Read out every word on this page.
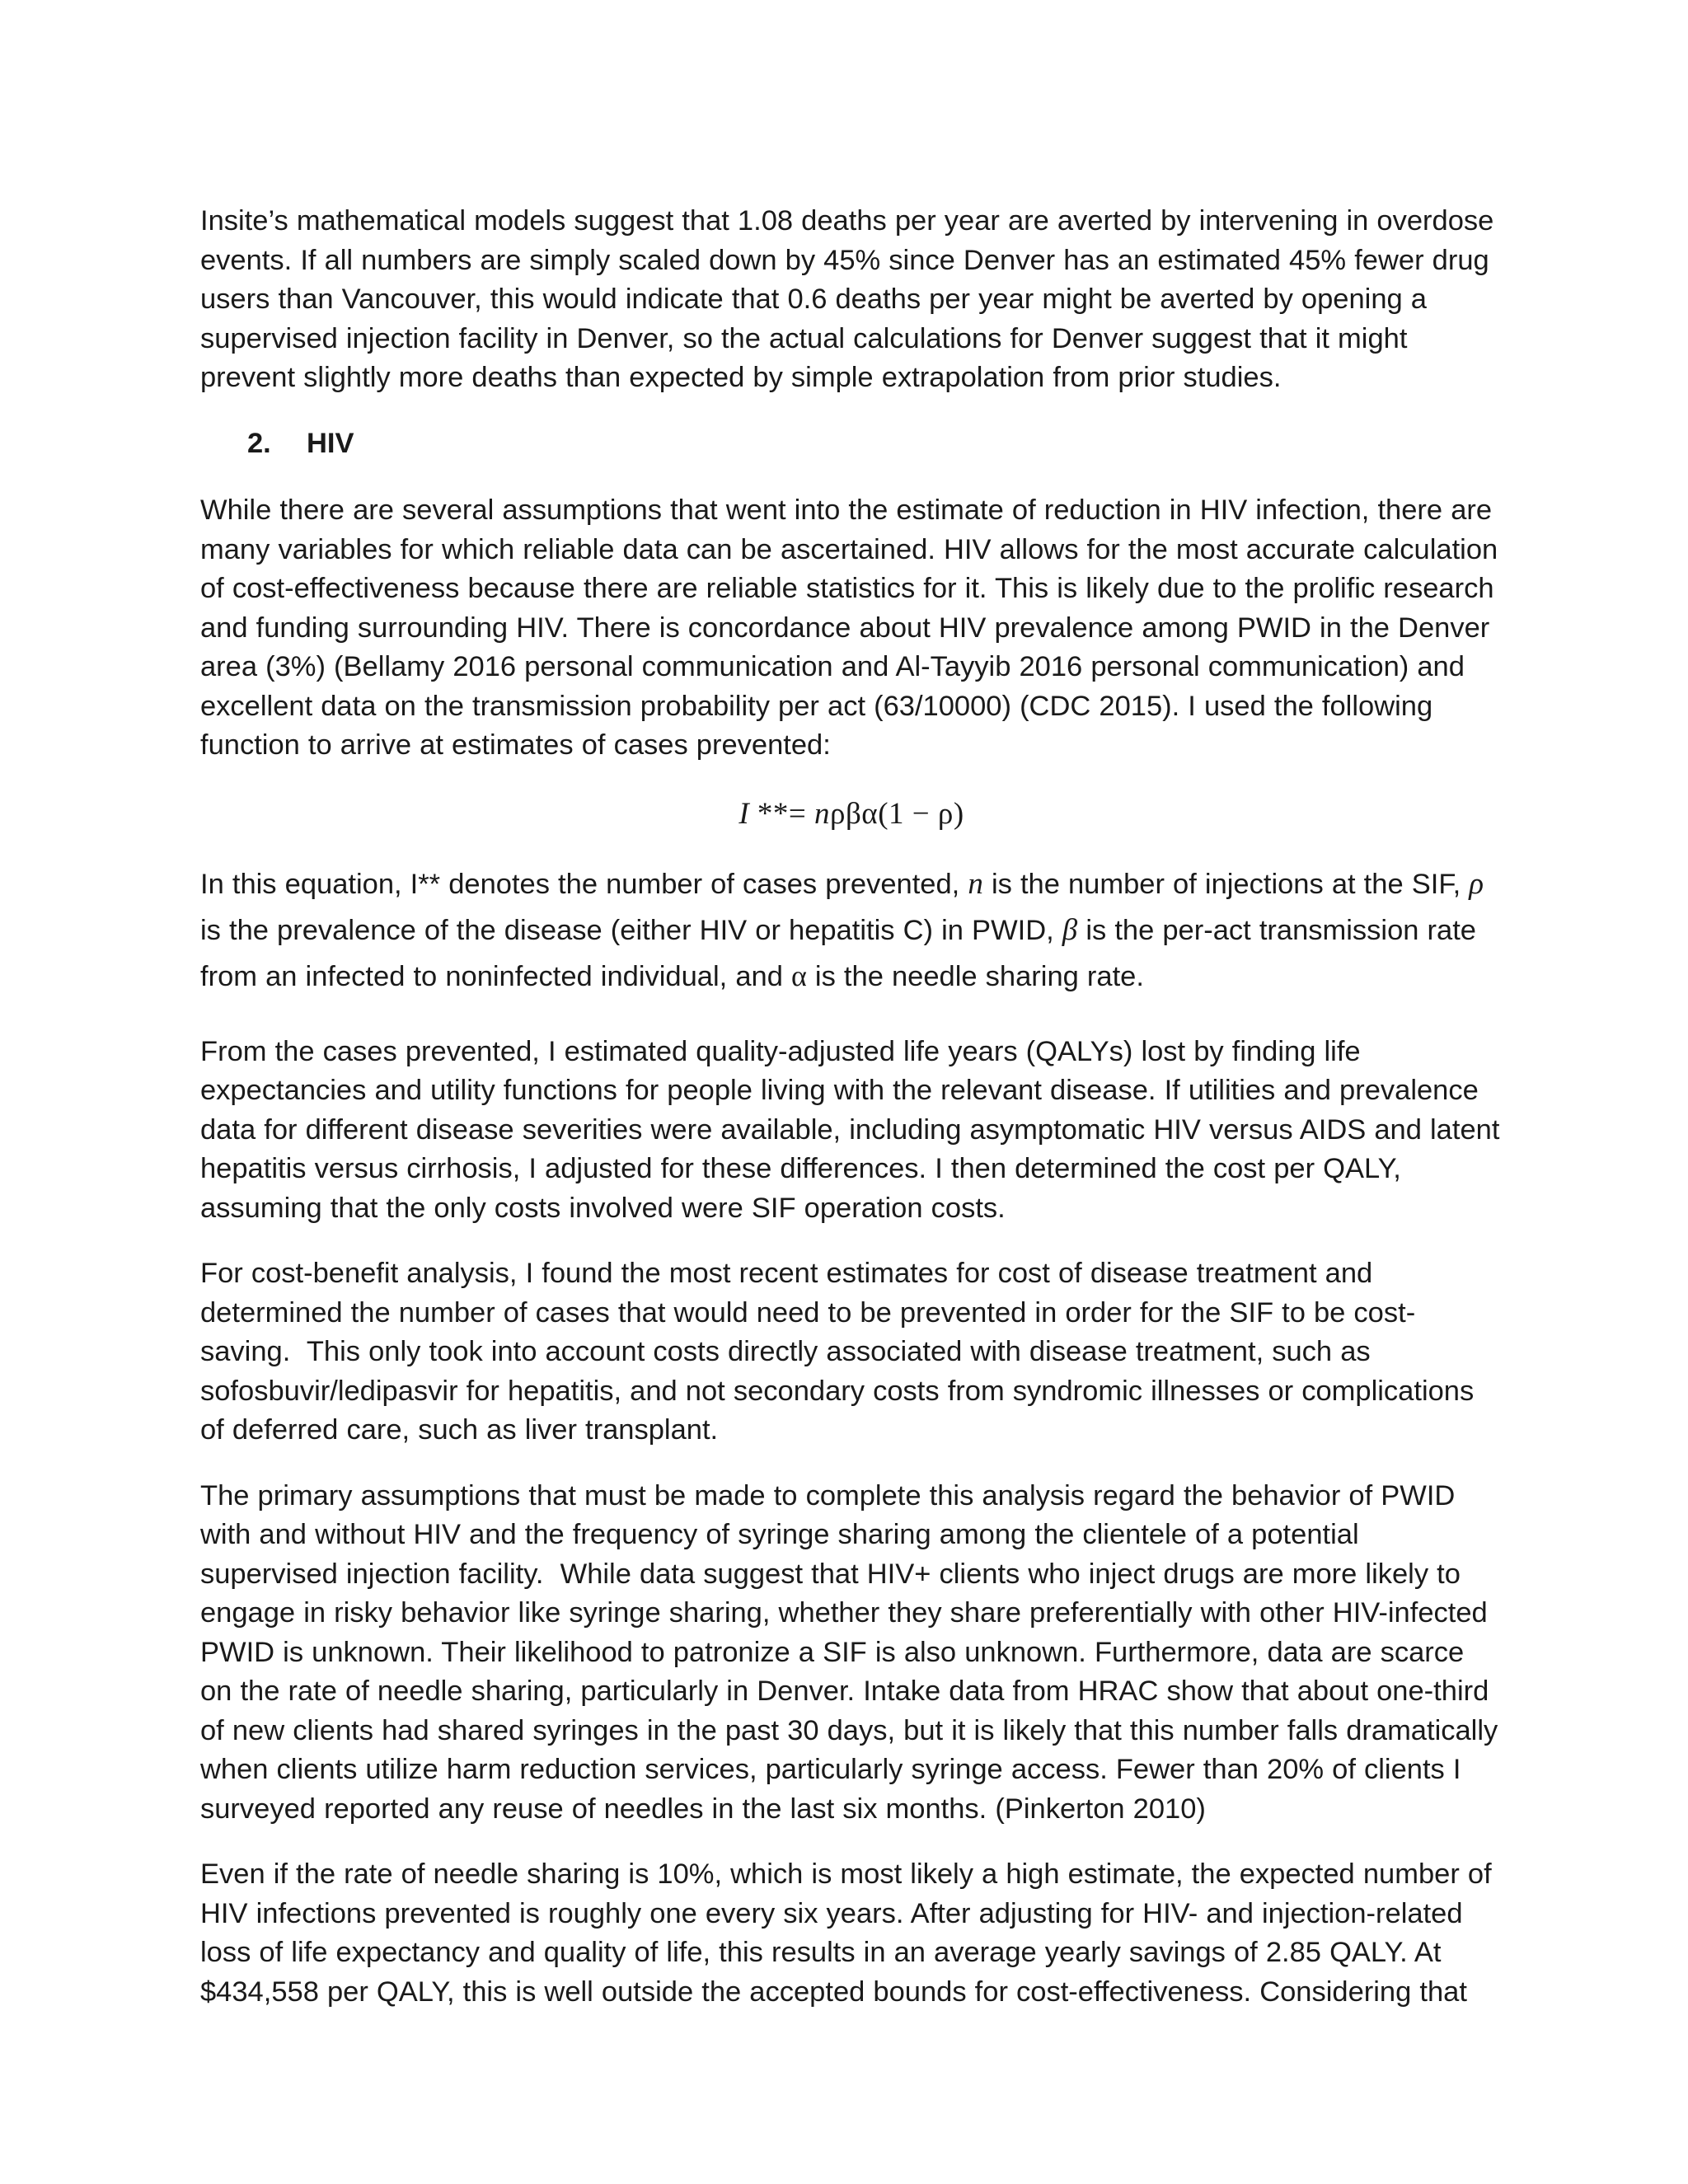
Insite’s mathematical models suggest that 1.08 deaths per year are averted by intervening in overdose events. If all numbers are simply scaled down by 45% since Denver has an estimated 45% fewer drug users than Vancouver, this would indicate that 0.6 deaths per year might be averted by opening a supervised injection facility in Denver, so the actual calculations for Denver suggest that it might prevent slightly more deaths than expected by simple extrapolation from prior studies.

2. HIV

While there are several assumptions that went into the estimate of reduction in HIV infection, there are many variables for which reliable data can be ascertained. HIV allows for the most accurate calculation of cost-effectiveness because there are reliable statistics for it. This is likely due to the prolific research and funding surrounding HIV. There is concordance about HIV prevalence among PWID in the Denver area (3%) (Bellamy 2016 personal communication and Al-Tayyib 2016 personal communication) and excellent data on the transmission probability per act (63/10000) (CDC 2015). I used the following function to arrive at estimates of cases prevented:

I **= nρβα(1 − ρ)

In this equation, I** denotes the number of cases prevented, n is the number of injections at the SIF, ρ is the prevalence of the disease (either HIV or hepatitis C) in PWID, β is the per-act transmission rate from an infected to noninfected individual, and α is the needle sharing rate.

From the cases prevented, I estimated quality-adjusted life years (QALYs) lost by finding life expectancies and utility functions for people living with the relevant disease. If utilities and prevalence data for different disease severities were available, including asymptomatic HIV versus AIDS and latent hepatitis versus cirrhosis, I adjusted for these differences. I then determined the cost per QALY, assuming that the only costs involved were SIF operation costs.

For cost-benefit analysis, I found the most recent estimates for cost of disease treatment and determined the number of cases that would need to be prevented in order for the SIF to be cost-saving.  This only took into account costs directly associated with disease treatment, such as sofosbuvir/ledipasvir for hepatitis, and not secondary costs from syndromic illnesses or complications of deferred care, such as liver transplant.

The primary assumptions that must be made to complete this analysis regard the behavior of PWID with and without HIV and the frequency of syringe sharing among the clientele of a potential supervised injection facility.  While data suggest that HIV+ clients who inject drugs are more likely to engage in risky behavior like syringe sharing, whether they share preferentially with other HIV-infected PWID is unknown. Their likelihood to patronize a SIF is also unknown. Furthermore, data are scarce on the rate of needle sharing, particularly in Denver. Intake data from HRAC show that about one-third of new clients had shared syringes in the past 30 days, but it is likely that this number falls dramatically when clients utilize harm reduction services, particularly syringe access. Fewer than 20% of clients I surveyed reported any reuse of needles in the last six months. (Pinkerton 2010)

Even if the rate of needle sharing is 10%, which is most likely a high estimate, the expected number of HIV infections prevented is roughly one every six years. After adjusting for HIV- and injection-related loss of life expectancy and quality of life, this results in an average yearly savings of 2.85 QALY. At $434,558 per QALY, this is well outside the accepted bounds for cost-effectiveness. Considering that
